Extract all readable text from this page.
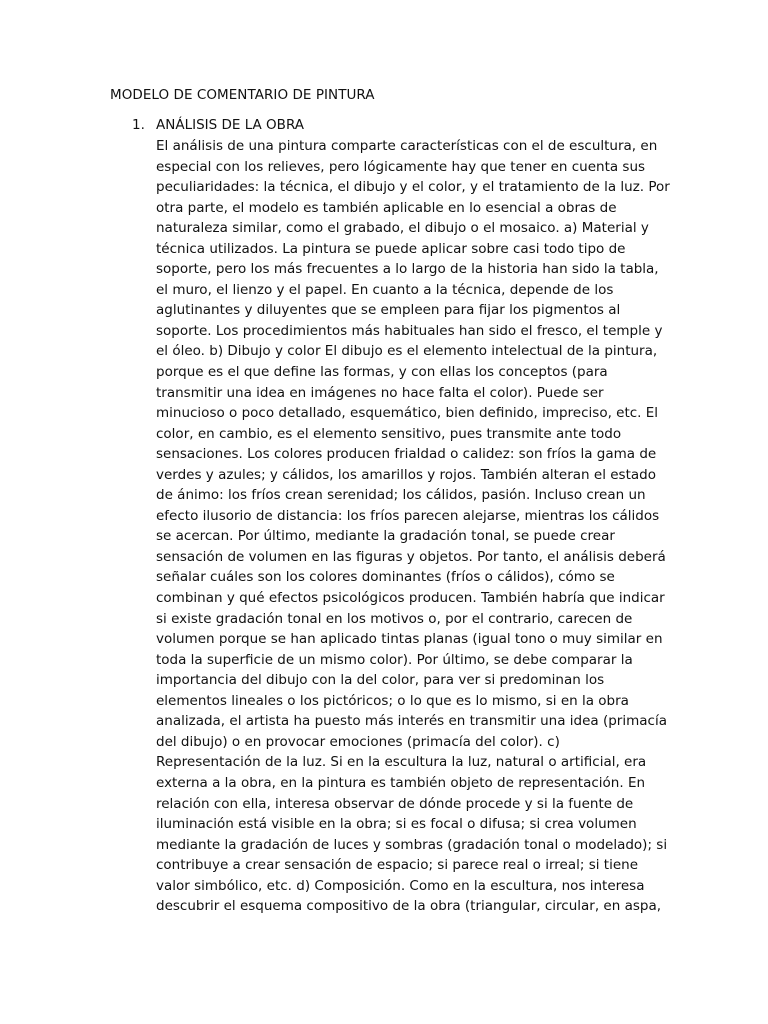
MODELO DE COMENTARIO DE PINTURA
1. ANÁLISIS DE LA OBRA
El análisis de una pintura comparte características con el de escultura, en
especial con los relieves, pero lógicamente hay que tener en cuenta sus
peculiaridades: la técnica, el dibujo y el color, y el tratamiento de la luz. Por
otra parte, el modelo es también aplicable en lo esencial a obras de
naturaleza similar, como el grabado, el dibujo o el mosaico. a) Material y
técnica utilizados. La pintura se puede aplicar sobre casi todo tipo de
soporte, pero los más frecuentes a lo largo de la historia han sido la tabla,
el muro, el lienzo y el papel. En cuanto a la técnica, depende de los
aglutinantes y diluyentes que se empleen para fijar los pigmentos al
soporte. Los procedimientos más habituales han sido el fresco, el temple y
el óleo. b) Dibujo y color El dibujo es el elemento intelectual de la pintura,
porque es el que define las formas, y con ellas los conceptos (para
transmitir una idea en imágenes no hace falta el color). Puede ser
minucioso o poco detallado, esquemático, bien definido, impreciso, etc. El
color, en cambio, es el elemento sensitivo, pues transmite ante todo
sensaciones. Los colores producen frialdad o calidez: son fríos la gama de
verdes y azules; y cálidos, los amarillos y rojos. También alteran el estado
de ánimo: los fríos crean serenidad; los cálidos, pasión. Incluso crean un
efecto ilusorio de distancia: los fríos parecen alejarse, mientras los cálidos
se acercan. Por último, mediante la gradación tonal, se puede crear
sensación de volumen en las figuras y objetos. Por tanto, el análisis deberá
señalar cuáles son los colores dominantes (fríos o cálidos), cómo se
combinan y qué efectos psicológicos producen. También habría que indicar
si existe gradación tonal en los motivos o, por el contrario, carecen de
volumen porque se han aplicado tintas planas (igual tono o muy similar en
toda la superficie de un mismo color). Por último, se debe comparar la
importancia del dibujo con la del color, para ver si predominan los
elementos lineales o los pictóricos; o lo que es lo mismo, si en la obra
analizada, el artista ha puesto más interés en transmitir una idea (primacía
del dibujo) o en provocar emociones (primacía del color). c)
Representación de la luz. Si en la escultura la luz, natural o artificial, era
externa a la obra, en la pintura es también objeto de representación. En
relación con ella, interesa observar de dónde procede y si la fuente de
iluminación está visible en la obra; si es focal o difusa; si crea volumen
mediante la gradación de luces y sombras (gradación tonal o modelado); si
contribuye a crear sensación de espacio; si parece real o irreal; si tiene
valor simbólico, etc. d) Composición. Como en la escultura, nos interesa
descubrir el esquema compositivo de la obra (triangular, circular, en aspa,
